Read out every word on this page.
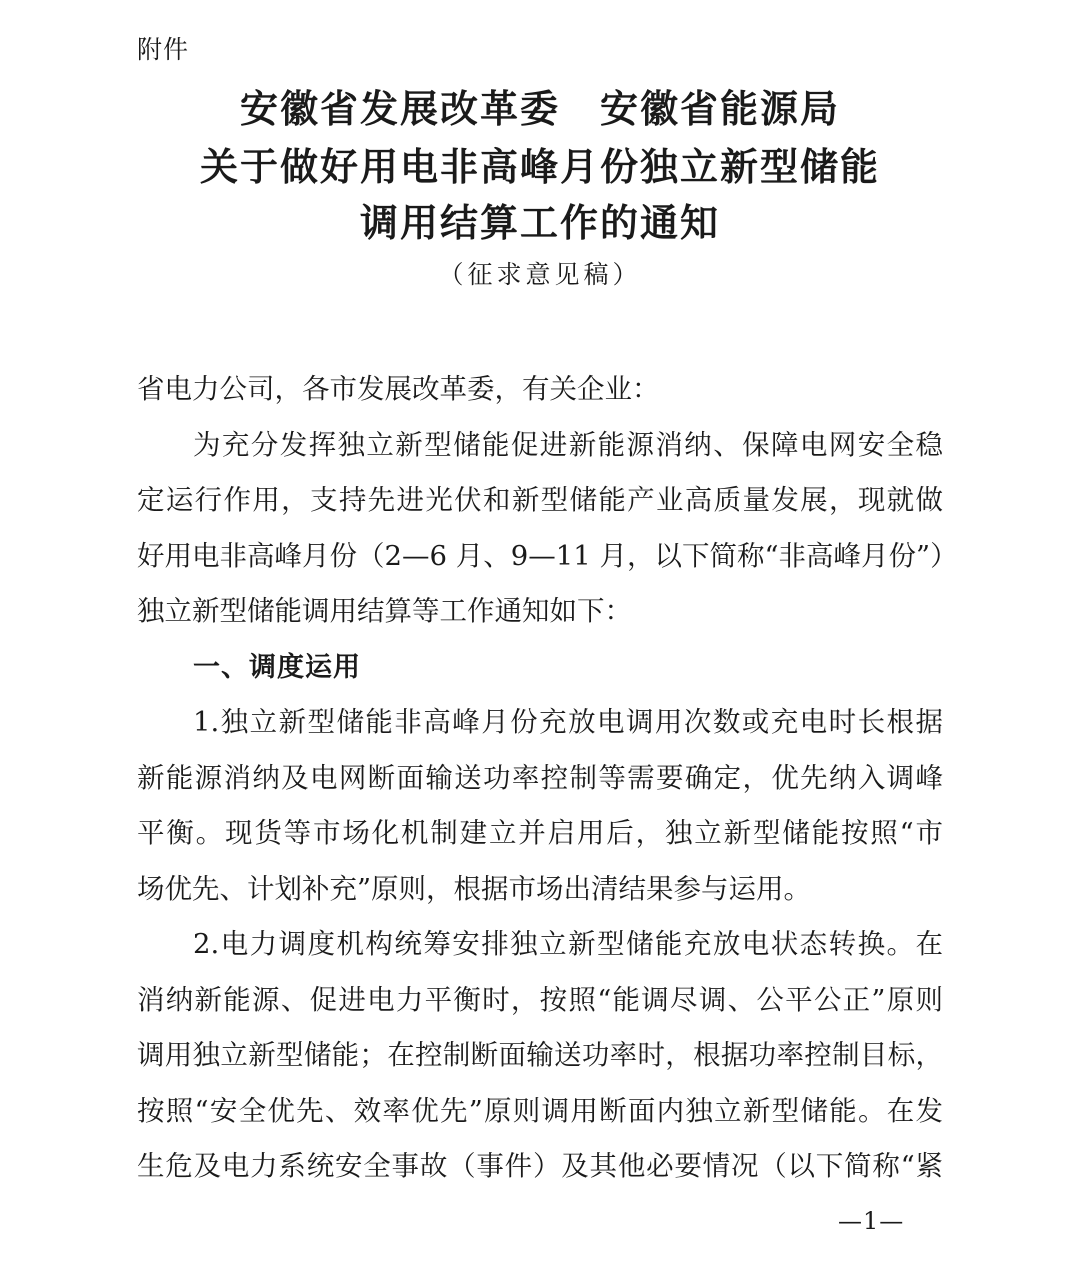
附件
安徽省发展改革委　安徽省能源局
关于做好用电非高峰月份独立新型储能
调用结算工作的通知
（征求意见稿）
省电力公司，各市发展改革委，有关企业：
为充分发挥独立新型储能促进新能源消纳、保障电网安全稳
定运行作用，支持先进光伏和新型储能产业高质量发展，现就做
好用电非高峰月份（2—6 月、9—11 月，以下简称“非高峰月份”）
独立新型储能调用结算等工作通知如下：
一、调度运用
1.独立新型储能非高峰月份充放电调用次数或充电时长根据
新能源消纳及电网断面输送功率控制等需要确定，优先纳入调峰
平衡。现货等市场化机制建立并启用后，独立新型储能按照“市
场优先、计划补充”原则，根据市场出清结果参与运用。
2.电力调度机构统筹安排独立新型储能充放电状态转换。在
消纳新能源、促进电力平衡时，按照“能调尽调、公平公正”原则
调用独立新型储能；在控制断面输送功率时，根据功率控制目标，
按照“安全优先、效率优先”原则调用断面内独立新型储能。在发
生危及电力系统安全事故（事件）及其他必要情况（以下简称“紧
—1—
